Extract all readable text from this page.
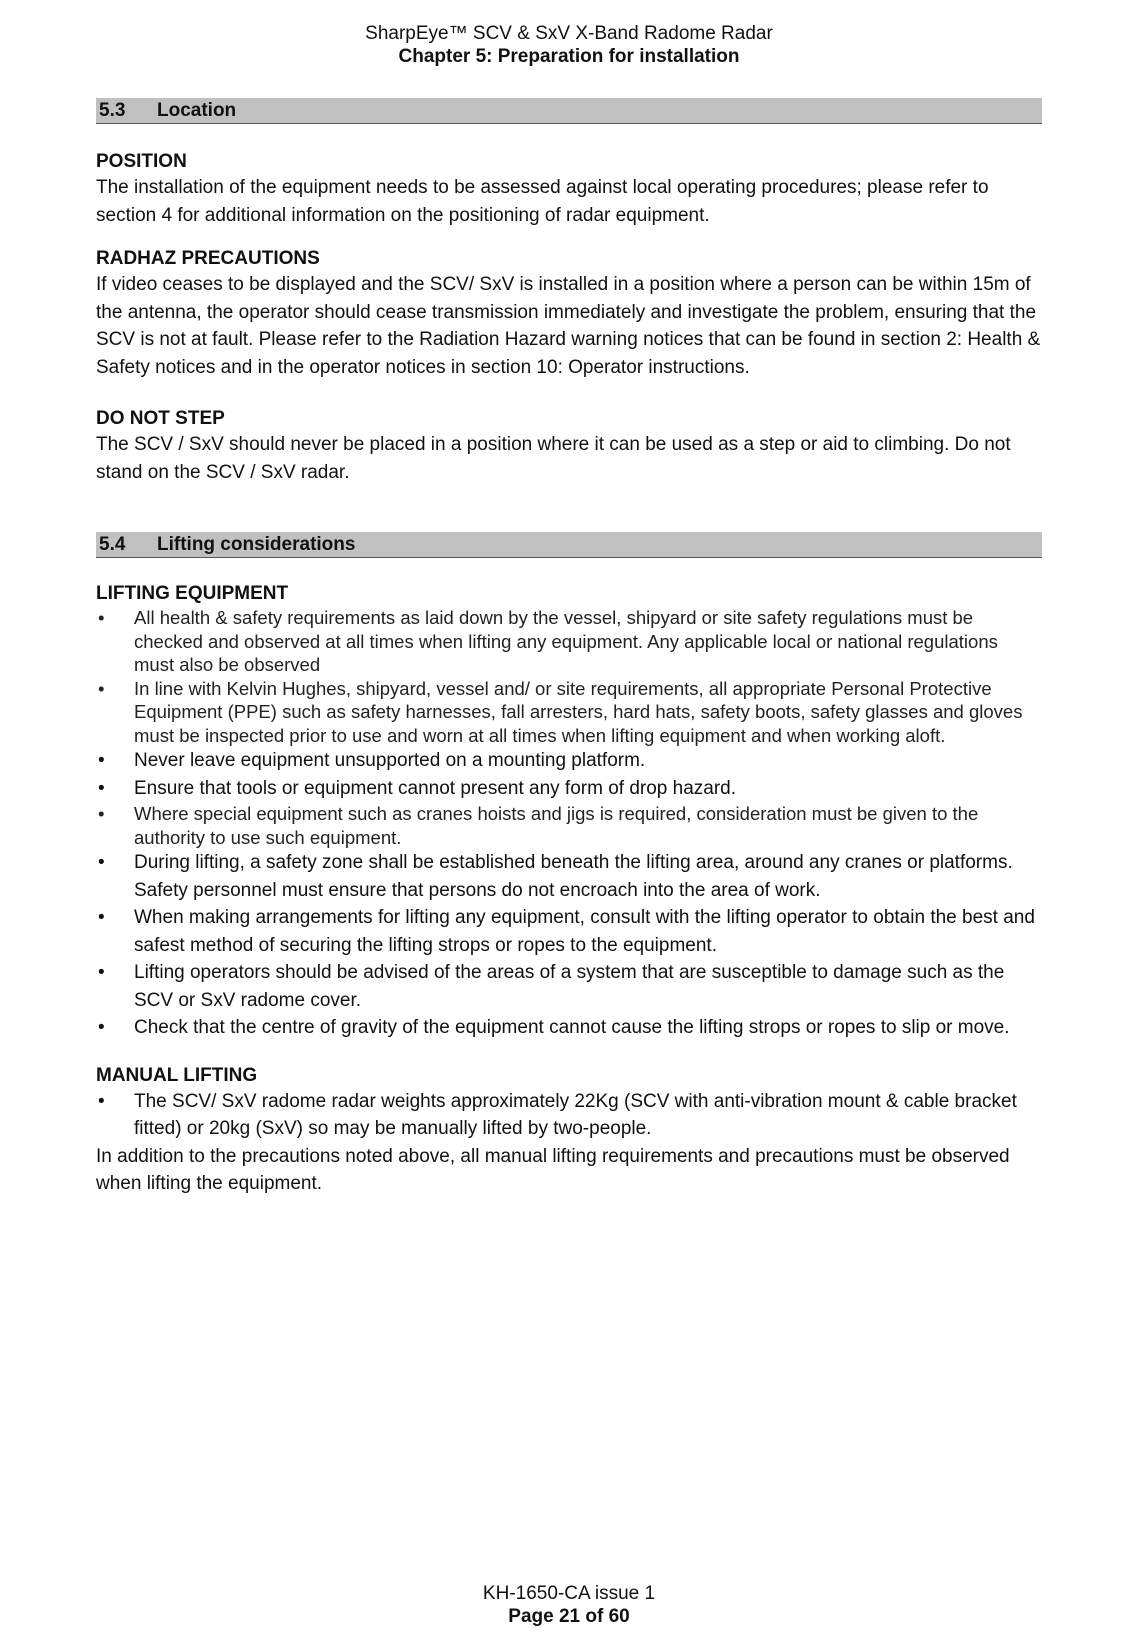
SharpEye™ SCV & SxV X-Band Radome Radar
Chapter 5: Preparation for installation
5.3 Location
POSITION

The installation of the equipment needs to be assessed against local operating procedures; please refer to section 4 for additional information on the positioning of radar equipment.

RADHAZ PRECAUTIONS

If video ceases to be displayed and the SCV/ SxV is installed in a position where a person can be within 15m of the antenna, the operator should cease transmission immediately and investigate the problem, ensuring that the SCV is not at fault. Please refer to the Radiation Hazard warning notices that can be found in section 2: Health & Safety notices and in the operator notices in section 10: Operator instructions.

DO NOT STEP

The SCV / SxV should never be placed in a position where it can be used as a step or aid to climbing. Do not stand on the SCV / SxV radar.

5.4 Lifting considerations
LIFTING EQUIPMENT
•	All health & safety requirements as laid down by the vessel, shipyard or site safety regulations must be checked and observed at all times when lifting any equipment. Any applicable local or national regulations must also be observed
•	In line with Kelvin Hughes, shipyard, vessel and/ or site requirements, all appropriate Personal Protective Equipment (PPE) such as safety harnesses, fall arresters, hard hats, safety boots, safety glasses and gloves must be inspected prior to use and worn at all times when lifting equipment and when working aloft.
•	Never leave equipment unsupported on a mounting platform.
•	Ensure that tools or equipment cannot present any form of drop hazard.
•	Where special equipment such as cranes hoists and jigs is required, consideration must be given to the authority to use such equipment.
•	During lifting, a safety zone shall be established beneath the lifting area, around any cranes or platforms. Safety personnel must ensure that persons do not encroach into the area of work.
•	When making arrangements for lifting any equipment, consult with the lifting operator to obtain the best and safest method of securing the lifting strops or ropes to the equipment.
•	Lifting operators should be advised of the areas of a system that are susceptible to damage such as the SCV or SxV radome cover.
•	Check that the centre of gravity of the equipment cannot cause the lifting strops or ropes to slip or move.
MANUAL LIFTING
•	The SCV/ SxV radome radar weights approximately 22Kg (SCV with anti-vibration mount & cable bracket fitted) or 20kg (SxV) so may be manually lifted by two-people.

In addition to the precautions noted above, all manual lifting requirements and precautions must be observed when lifting the equipment.

KH-1650-CA issue 1
Page 21 of 60
